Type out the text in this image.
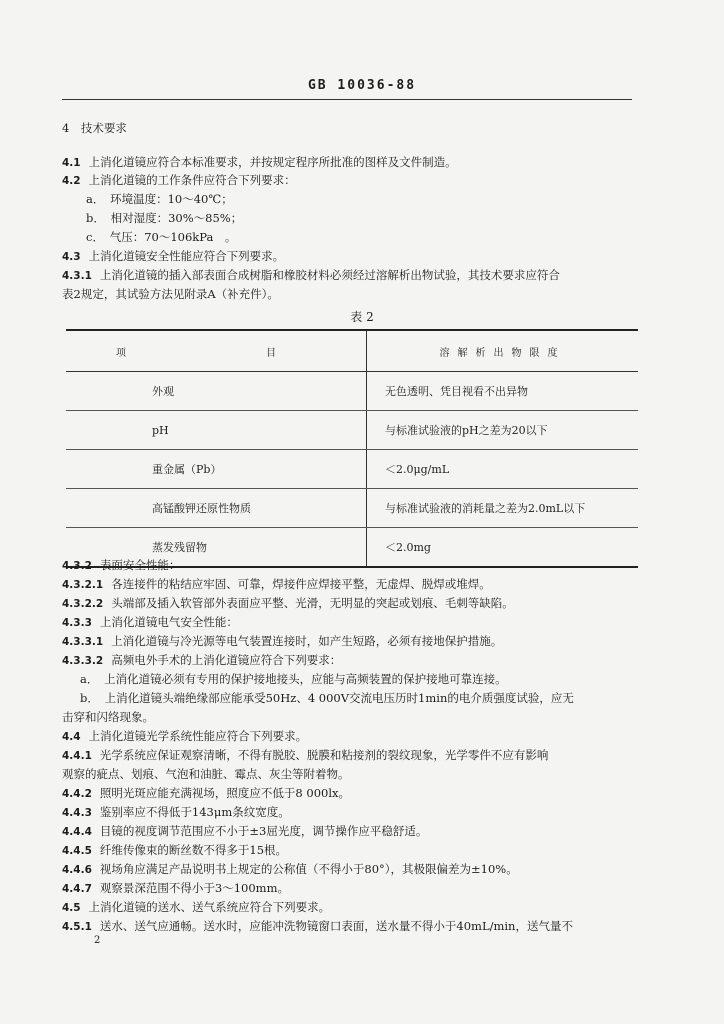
GB 10036-88
4　技术要求
4.1 上消化道镜应符合本标准要求，并按规定程序所批准的图样及文件制造。
4.2 上消化道镜的工作条件应符合下列要求：
a．　环境温度：10～40℃；
b．　相对湿度：30%～85%；
c．　气压：70～106kPa　。
4.3 上消化道镜安全性能应符合下列要求。
4.3.1 上消化道镜的插入部表面合成树脂和橡胶材料必须经过溶解析出物试验，其技术要求应符合
表2规定，其试验方法见附录A（补充件）。
表 2
项　　目	溶解析出物限度
外观	无色透明、凭目视看不出异物
pH	与标准试验液的pH之差为20以下
重金属（Pb）	＜2.0μg/mL
高锰酸钾还原性物质	与标准试验液的消耗量之差为2.0mL以下
蒸发残留物	＜2.0mg
4.3.2 表面安全性能：
4.3.2.1 各连接件的粘结应牢固、可靠，焊接件应焊接平整，无虚焊、脱焊或堆焊。
4.3.2.2 头端部及插入软管部外表面应平整、光滑，无明显的突起或划痕、毛刺等缺陷。
4.3.3 上消化道镜电气安全性能：
4.3.3.1 上消化道镜与冷光源等电气装置连接时，如产生短路，必须有接地保护措施。
4.3.3.2 高频电外手术的上消化道镜应符合下列要求：
a．　上消化道镜必须有专用的保护接地接头，应能与高频装置的保护接地可靠连接。
b．　上消化道镜头端绝缘部应能承受50Hz、4 000V交流电压历时1min的电介质强度试验，应无
击穿和闪络现象。
4.4 上消化道镜光学系统性能应符合下列要求。
4.4.1 光学系统应保证观察清晰，不得有脱胶、脱膜和粘接剂的裂纹现象，光学零件不应有影响
观察的疵点、划痕、气泡和油脏、霉点、灰尘等附着物。
4.4.2 照明光斑应能充满视场，照度应不低于8 000lx。
4.4.3 鉴别率应不得低于143μm条纹宽度。
4.4.4 目镜的视度调节范围应不小于±3屈光度，调节操作应平稳舒适。
4.4.5 纤维传像束的断丝数不得多于15根。
4.4.6 视场角应满足产品说明书上规定的公称值（不得小于80°），其极限偏差为±10%。
4.4.7 观察景深范围不得小于3～100mm。
4.5 上消化道镜的送水、送气系统应符合下列要求。
4.5.1 送水、送气应通畅。送水时，应能冲洗物镜窗口表面，送水量不得小于40mL/min，送气量不
2
